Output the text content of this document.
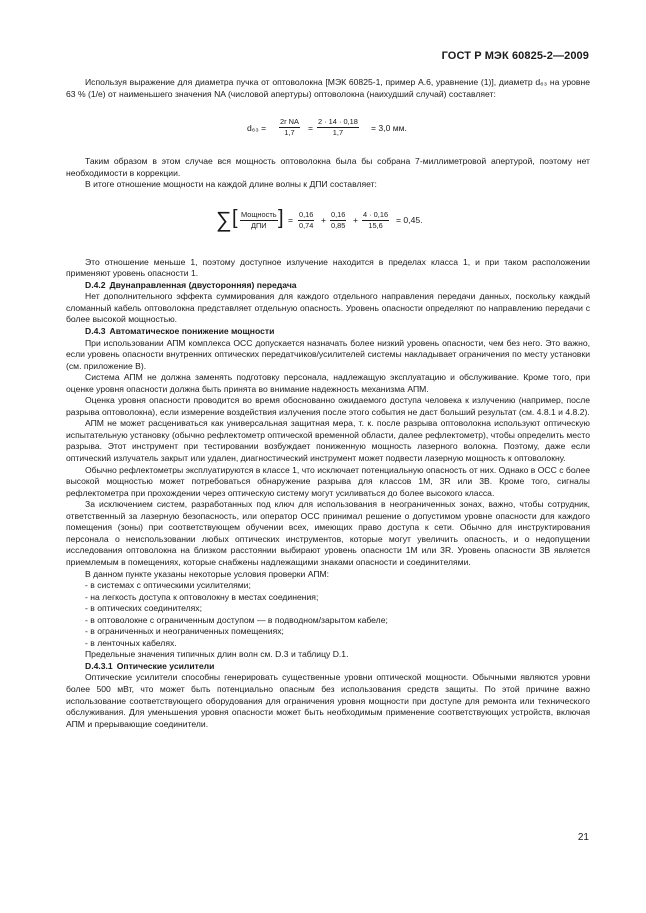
ГОСТ Р МЭК 60825-2—2009

Используя выражение для диаметра пучка от оптоволокна [МЭК 60825-1, пример А.6, уравнение (1)], диаметр d₆₃ на уровне 63 % (1/е) от наименьшего значения NA (числовой апертуры) оптоволокна (наихудший случай) составляет:

$d_{63} = \frac{\text{2r NA}}{1,7} = \frac{2 \cdot 14 \cdot 0,18}{1,7} = 3,0$ мм.

Таким образом в этом случае вся мощность оптоволокна была бы собрана 7-миллиметровой апертурой, поэтому нет необходимости в коррекции.

В итоге отношение мощности на каждой длине волны к ДПИ составляет:

∑ [ Мощность
ДПИ ] = $\frac{0,16}{0,74} + \frac{0,16}{0,85} + \frac{4 \cdot 0,16}{15,6} = 0,45$.

Это отношение меньше 1, поэтому доступное излучение находится в пределах класса 1, и при таком расположении применяют уровень опасности 1.

D.4.2 Двунаправленная (двусторонняя) передача

Нет дополнительного эффекта суммирования для каждого отдельного направления передачи данных, поскольку каждый сломанный кабель оптоволокна представляет отдельную опасность. Уровень опасности определяют по направлению передачи с более высокой мощностью.

D.4.3 Автоматическое понижение мощности

При использовании АПМ комплекса ОСС допускается назначать более низкий уровень опасности, чем без него. Это важно, если уровень опасности внутренних оптических передатчиков/усилителей системы накладывает ограничения по месту установки (см. приложение В).

Система АПМ не должна заменять подготовку персонала, надлежащую эксплуатацию и обслуживание. Кроме того, при оценке уровня опасности должна быть принята во внимание надежность механизма АПМ.

Оценка уровня опасности проводится во время обоснованно ожидаемого доступа человека к излучению (например, после разрыва оптоволокна), если измерение воздействия излучения после этого события не даст больший результат (см. 4.8.1 и 4.8.2).

АПМ не может расцениваться как универсальная защитная мера, т. к. после разрыва оптоволокна используют оптическую испытательную установку (обычно рефлектометр оптической временной области, далее рефлектометр), чтобы определить место разрыва. Этот инструмент при тестировании возбуждает пониженную мощность лазерного волокна. Поэтому, даже если оптический излучатель закрыт или удален, диагностический инструмент может подвести лазерную мощность к оптоволокну.

Обычно рефлектометры эксплуатируются в классе 1, что исключает потенциальную опасность от них. Однако в ОСС с более высокой мощностью может потребоваться обнаружение разрыва для классов 1М, 3R или 3В. Кроме того, сигналы рефлектометра при прохождении через оптическую систему могут усиливаться до более высокого класса.

За исключением систем, разработанных под ключ для использования в неограниченных зонах, важно, чтобы сотрудник, ответственный за лазерную безопасность, или оператор ОСС принимал решение о допустимом уровне опасности для каждого помещения (зоны) при соответствующем обучении всех, имеющих право доступа к сети. Обычно для инструктирования персонала о неиспользовании любых оптических инструментов, которые могут увеличить опасность, и о недопущении исследования оптоволокна на близком расстоянии выбирают уровень опасности 1М или 3R. Уровень опасности 3В является приемлемым в помещениях, которые снабжены надлежащими знаками опасности и соединителями.

В данном пункте указаны некоторые условия проверки АПМ:

- в системах с оптическими усилителями;
- на легкость доступа к оптоволокну в местах соединения;
- в оптических соединителях;
- в оптоволокне с ограниченным доступом — в подводном/зарытом кабеле;
- в ограниченных и неограниченных помещениях;
- в ленточных кабелях.

Предельные значения типичных длин волн см. D.3 и таблицу D.1.

D.4.3.1 Оптические усилители

Оптические усилители способны генерировать существенные уровни оптической мощности. Обычными являются уровни более 500 мВт, что может быть потенциально опасным без использования средств защиты. По этой причине важно использование соответствующего оборудования для ограничения уровня мощности при доступе для ремонта или технического обслуживания. Для уменьшения уровня опасности может быть необходимым применение соответствующих устройств, включая АПМ и прерывающие соединители.

21
